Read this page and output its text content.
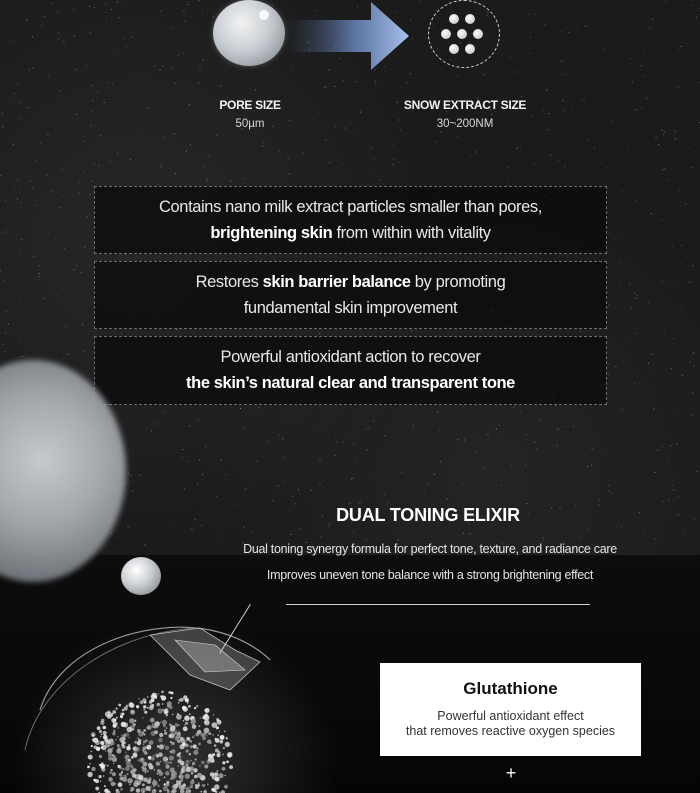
PORE SIZE
50µm
SNOW EXTRACT SIZE
30~200NM
Contains nano milk extract particles smaller than pores,
brightening skin from within with vitality
Restores skin barrier balance by promoting
fundamental skin improvement
Powerful antioxidant action to recover
the skin’s natural clear and transparent tone
DUAL TONING ELIXIR
Dual toning synergy formula for perfect tone, texture, and radiance care
Improves uneven tone balance with a strong brightening effect
Glutathione
Powerful antioxidant effect
that removes reactive oxygen species
+
